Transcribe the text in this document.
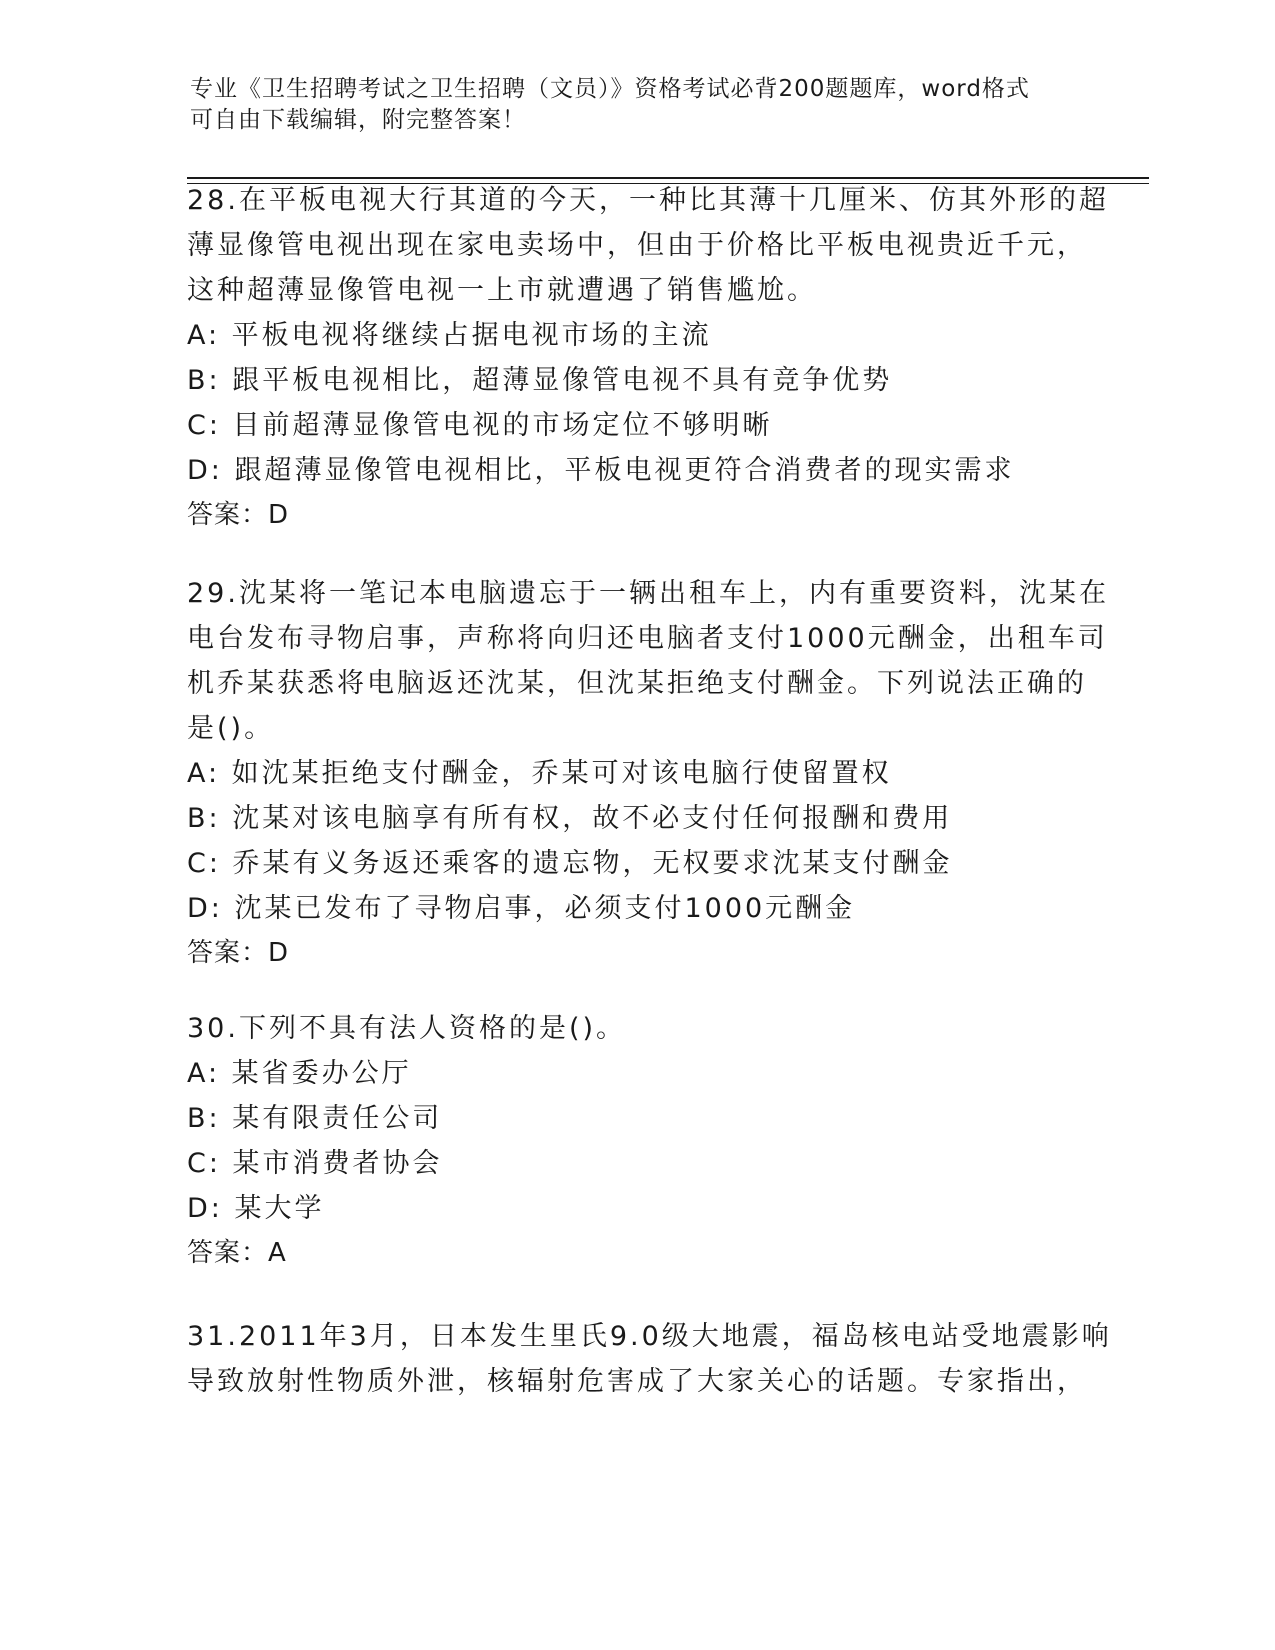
专业《卫生招聘考试之卫生招聘（文员）》资格考试必背200题题库，word格式
可自由下载编辑，附完整答案！
28.在平板电视大行其道的今天，一种比其薄十几厘米、仿其外形的超
薄显像管电视出现在家电卖场中，但由于价格比平板电视贵近千元，
这种超薄显像管电视一上市就遭遇了销售尴尬。
A: 平板电视将继续占据电视市场的主流
B: 跟平板电视相比，超薄显像管电视不具有竞争优势
C: 目前超薄显像管电视的市场定位不够明晰
D: 跟超薄显像管电视相比，平板电视更符合消费者的现实需求
答案：D
29.沈某将一笔记本电脑遗忘于一辆出租车上，内有重要资料，沈某在
电台发布寻物启事，声称将向归还电脑者支付1000元酬金，出租车司
机乔某获悉将电脑返还沈某，但沈某拒绝支付酬金。下列说法正确的
是()。
A: 如沈某拒绝支付酬金，乔某可对该电脑行使留置权
B: 沈某对该电脑享有所有权，故不必支付任何报酬和费用
C: 乔某有义务返还乘客的遗忘物，无权要求沈某支付酬金
D: 沈某已发布了寻物启事，必须支付1000元酬金
答案：D
30.下列不具有法人资格的是()。
A: 某省委办公厅
B: 某有限责任公司
C: 某市消费者协会
D: 某大学
答案：A
31.2011年3月，日本发生里氏9.0级大地震，福岛核电站受地震影响
导致放射性物质外泄，核辐射危害成了大家关心的话题。专家指出，
